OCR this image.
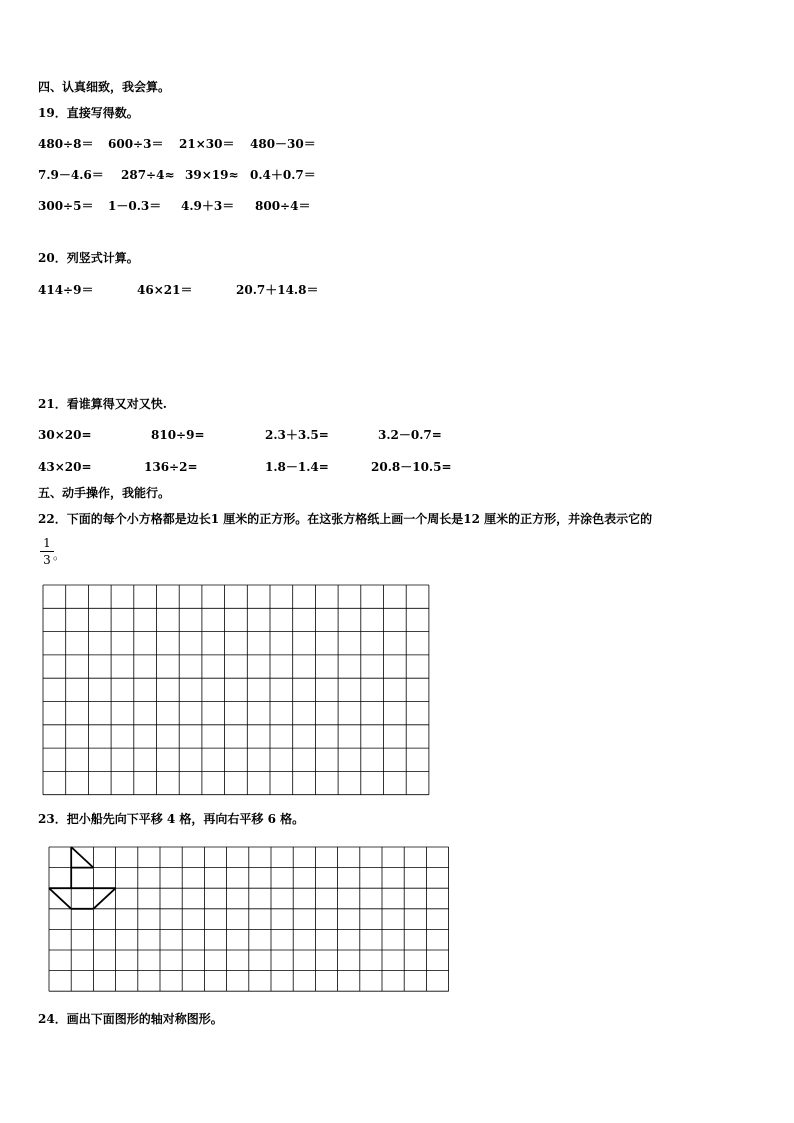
四、认真细致，我会算。
19．直接写得数。
480÷8＝ 600÷3＝ 21×30＝ 480－30＝
7.9－4.6＝ 287÷4≈ 39×19≈ 0.4＋0.7＝
300÷5＝ 1－0.3＝ 4.9＋3＝ 800÷4＝
20．列竖式计算。
414÷9＝	46×21＝	20.7＋14.8＝
21．看谁算得又对又快.
30×20=	810÷9=	2.3＋3.5=	3.2－0.7=
43×20=	136÷2=	1.8－1.4=	20.8－10.5=
五、动手操作，我能行。
22．下面的每个小方格都是边长1 厘米的正方形。在这张方格纸上画一个周长是12 厘米的正方形，并涂色表示它的
1
3 。
23．把小船先向下平移 4 格，再向右平移 6 格。
24．画出下面图形的轴对称图形。
